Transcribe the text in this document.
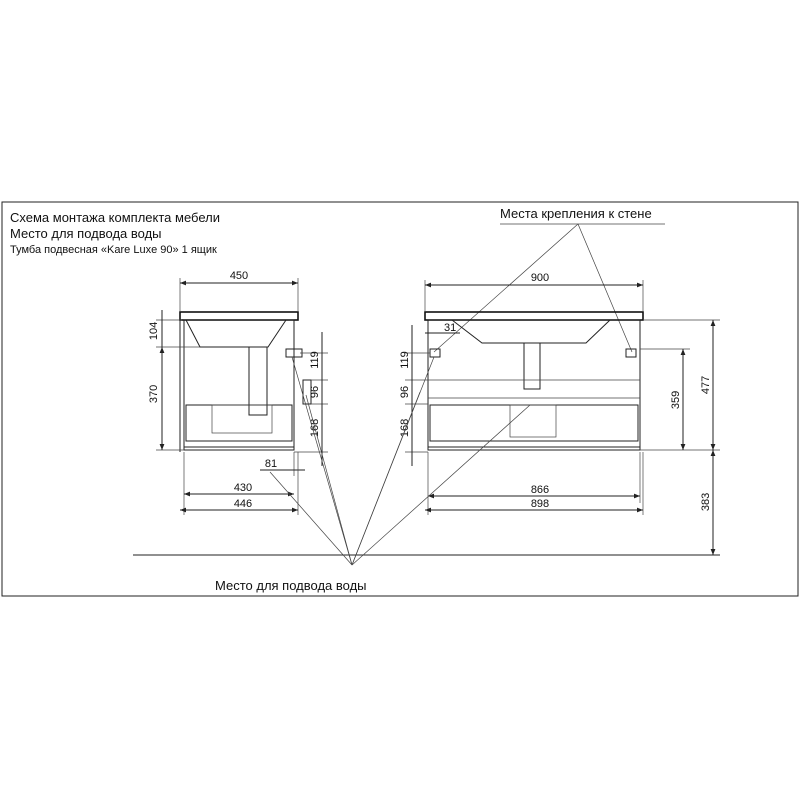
Схема монтажа комплекта мебели
Место для подвода воды
Тумба подвесная «Kare Luxe 90» 1 ящик
Места крепления к стене
450
104
370
119
96
168
81
430
446
900
31
119
96
168
359
477
383
866
898
Место для подвода воды
